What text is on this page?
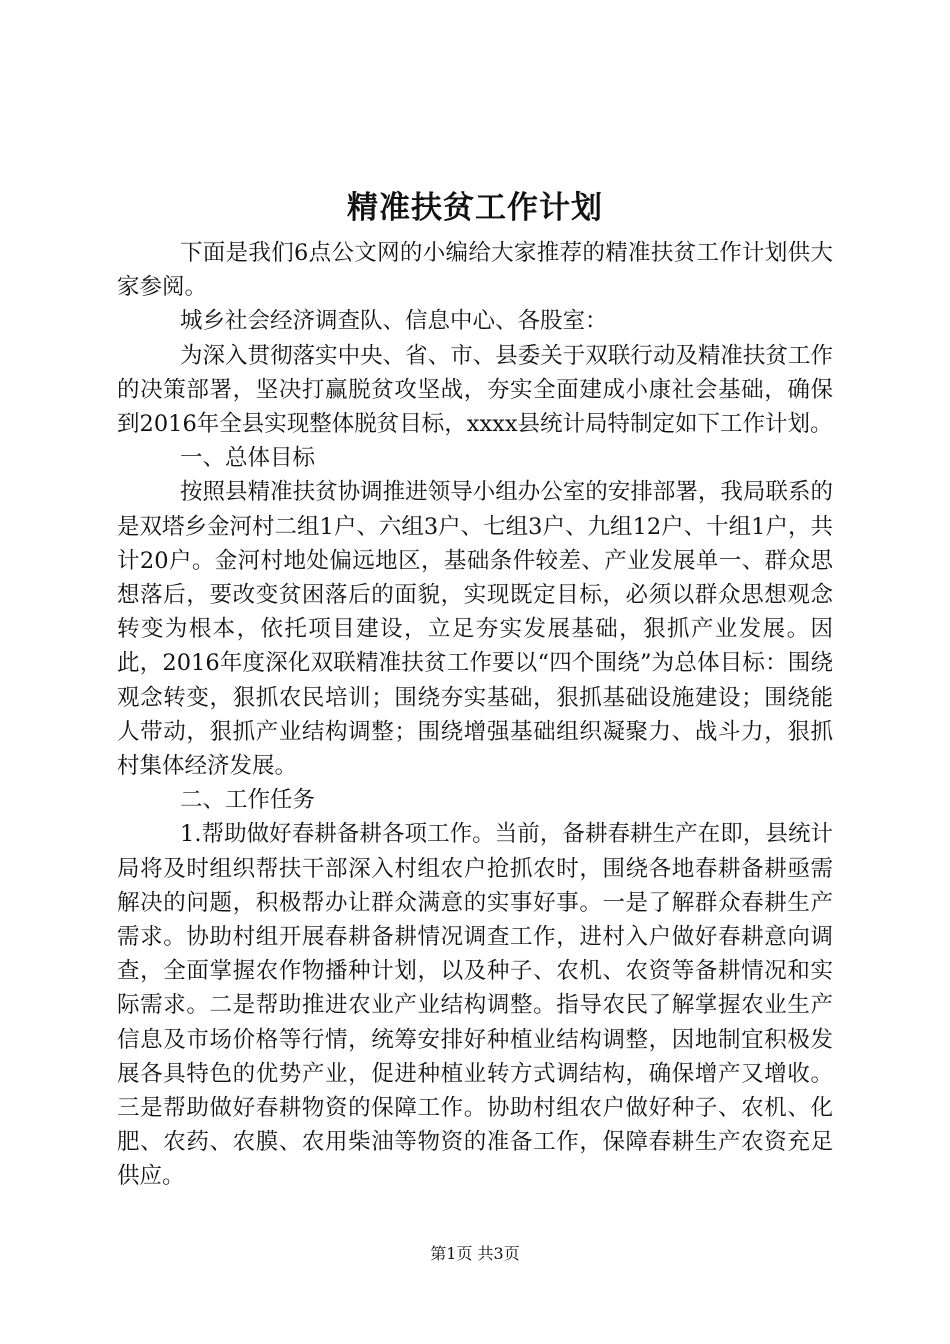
精准扶贫工作计划

下面是我们6点公文网的小编给大家推荐的精准扶贫工作计划供大家参阅。

城乡社会经济调查队、信息中心、各股室：

为深入贯彻落实中央、省、市、县委关于双联行动及精准扶贫工作的决策部署，坚决打赢脱贫攻坚战，夯实全面建成小康社会基础，确保到2016年全县实现整体脱贫目标，xxxx县统计局特制定如下工作计划。

一、总体目标

按照县精准扶贫协调推进领导小组办公室的安排部署，我局联系的是双塔乡金河村二组1户、六组3户、七组3户、九组12户、十组1户，共计20户。金河村地处偏远地区，基础条件较差、产业发展单一、群众思想落后，要改变贫困落后的面貌，实现既定目标，必须以群众思想观念转变为根本，依托项目建设，立足夯实发展基础，狠抓产业发展。因此，2016年度深化双联精准扶贫工作要以“四个围绕”为总体目标：围绕观念转变，狠抓农民培训；围绕夯实基础，狠抓基础设施建设；围绕能人带动，狠抓产业结构调整；围绕增强基础组织凝聚力、战斗力，狠抓村集体经济发展。

二、工作任务

1.帮助做好春耕备耕各项工作。当前，备耕春耕生产在即，县统计局将及时组织帮扶干部深入村组农户抢抓农时，围绕各地春耕备耕亟需解决的问题，积极帮办让群众满意的实事好事。一是了解群众春耕生产需求。协助村组开展春耕备耕情况调查工作，进村入户做好春耕意向调查，全面掌握农作物播种计划，以及种子、农机、农资等备耕情况和实际需求。二是帮助推进农业产业结构调整。指导农民了解掌握农业生产信息及市场价格等行情，统筹安排好种植业结构调整，因地制宜积极发展各具特色的优势产业，促进种植业转方式调结构，确保增产又增收。三是帮助做好春耕物资的保障工作。协助村组农户做好种子、农机、化肥、农药、农膜、农用柴油等物资的准备工作，保障春耕生产农资充足供应。

第1页 共3页
